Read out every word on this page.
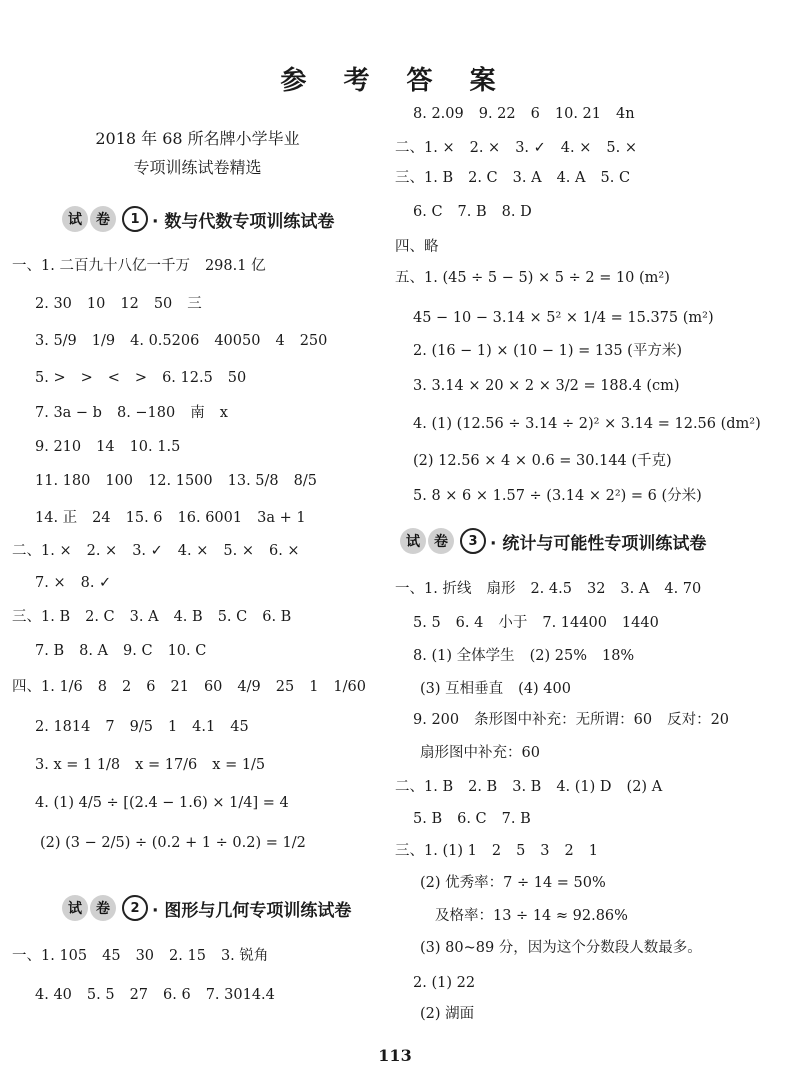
参 考 答 案
2018 年 68 所名牌小学毕业
专项训练试卷精选
试	卷	1 · 数与代数专项训练试卷
一、1. 二百九十八亿一千万 298.1 亿
2. 30 10 12 50 三
3. 5/9 1/9 4. 0.5206 40050 4 250
5. > > < > 6. 12.5 50
7. 3a − b 8. −180 南 x
9. 210 14 10. 1.5
11. 180 100 12. 1500 13. 5/8 8/5
14. 正 24 15. 6 16. 6001 3a + 1
二、1. × 2. × 3. ✓ 4. × 5. × 6. ×
7. × 8. ✓
三、1. B 2. C 3. A 4. B 5. C 6. B
7. B 8. A 9. C 10. C
四、1. 1/6 8 2 6 21 60 4/9 25 1 1/60
2. 1814 7 9/5 1 4.1 45
3. x = 1 1/8 x = 17/6 x = 1/5
4. (1) 4/5 ÷ [(2.4 − 1.6) × 1/4] = 4
(2) (3 − 2/5) ÷ (0.2 + 1 ÷ 0.2) = 1/2
试	卷	2 · 图形与几何专项训练试卷
一、1. 105 45 30 2. 15 3. 锐角
4. 40 5. 5 27 6. 6 7. 3014.4
8. 2.09 9. 22 6 10. 21 4n
二、1. × 2. × 3. ✓ 4. × 5. ×
三、1. B 2. C 3. A 4. A 5. C
6. C 7. B 8. D
四、略
五、1. (45 ÷ 5 − 5) × 5 ÷ 2 = 10 (m²)
45 − 10 − 3.14 × 5² × 1/4 = 15.375 (m²)
2. (16 − 1) × (10 − 1) = 135 (平方米)
3. 3.14 × 20 × 2 × 3/2 = 188.4 (cm)
4. (1) (12.56 ÷ 3.14 ÷ 2)² × 3.14 = 12.56 (dm²)
(2) 12.56 × 4 × 0.6 = 30.144 (千克)
5. 8 × 6 × 1.57 ÷ (3.14 × 2²) = 6 (分米)
试	卷	3 · 统计与可能性专项训练试卷
一、1. 折线 扇形 2. 4.5 32 3. A 4. 70
5. 5 6. 4 小于 7. 14400 1440
8. (1) 全体学生 (2) 25% 18%
(3) 互相垂直 (4) 400
9. 200 条形图中补充：无所谓：60 反对：20
扇形图中补充：60
二、1. B 2. B 3. B 4. (1) D (2) A
5. B 6. C 7. B
三、1. (1) 1 2 5 3 2 1
(2) 优秀率：7 ÷ 14 = 50%
及格率：13 ÷ 14 ≈ 92.86%
(3) 80~89 分，因为这个分数段人数最多。
2. (1) 22
(2) 湖面
113
